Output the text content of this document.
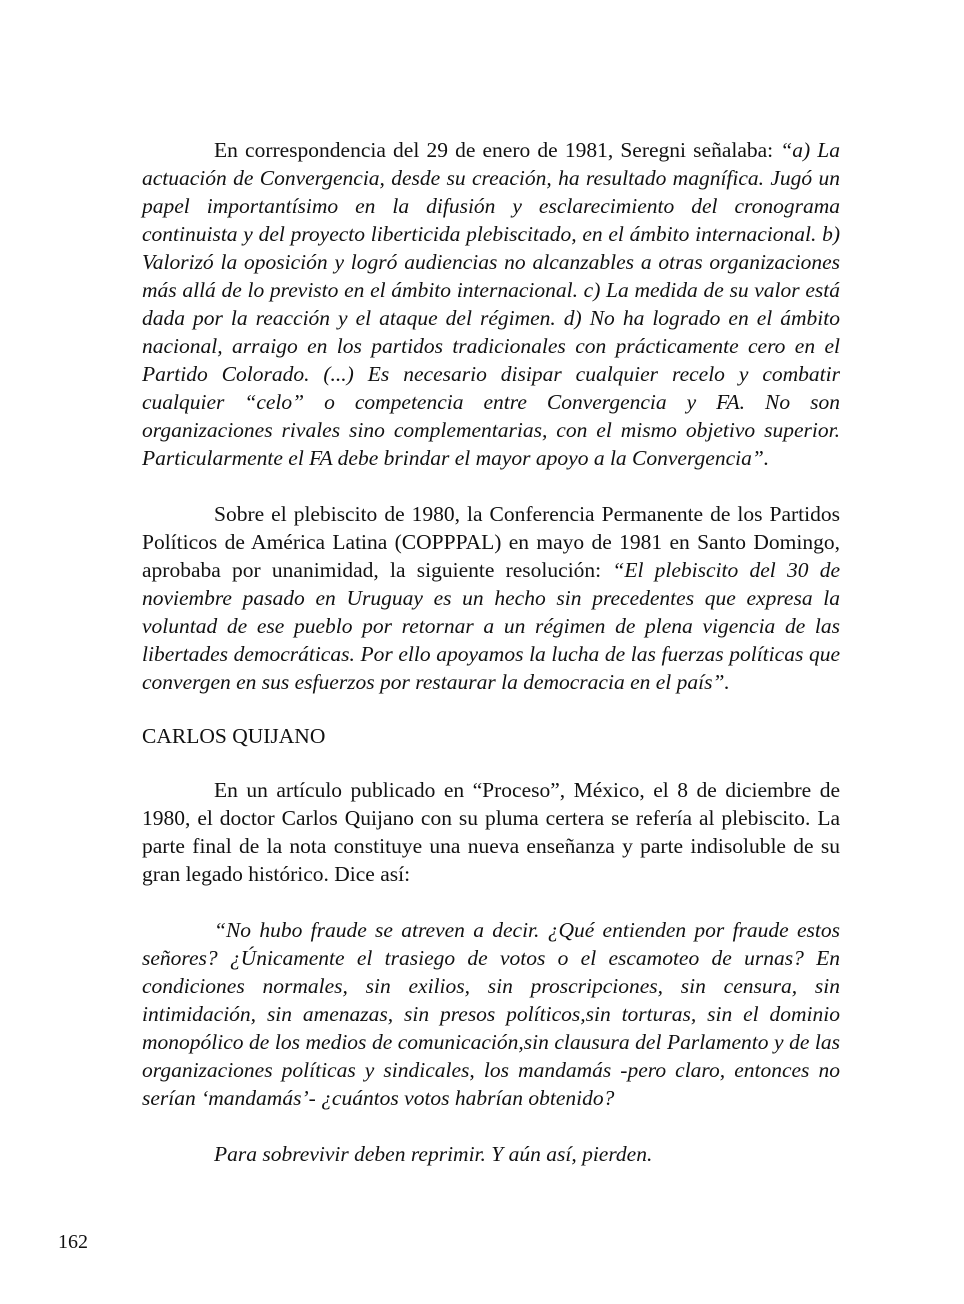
En correspondencia del 29 de enero de 1981, Seregni señalaba: “a) La actuación de Convergencia, desde su creación, ha resultado magnífica. Jugó un papel importantísimo en la difusión y esclarecimiento del cronograma continuista y del proyecto liberticida plebiscitado, en el ámbito internacional. b) Valorizó la oposición y logró audiencias no alcanzables a otras organizaciones más allá de lo previsto en el ámbito internacional. c) La medida de su valor está dada por la reacción y el ataque del régimen. d) No ha logrado en el ámbito nacional, arraigo en los partidos tradicionales con prácticamente cero en el Partido Colorado. (...) Es necesario disipar cualquier recelo y combatir cualquier “celo” o competencia entre Convergencia y FA. No son organizaciones rivales sino complementarias, con el mismo objetivo superior. Particularmente el FA debe brindar el mayor apoyo a la Convergencia”.

Sobre el plebiscito de 1980, la Conferencia Permanente de los Partidos Políticos de América Latina (COPPPAL) en mayo de 1981 en Santo Domingo, aprobaba por unanimidad, la siguiente resolución: “El plebiscito del 30 de noviembre pasado en Uruguay es un hecho sin precedentes que expresa la voluntad de ese pueblo por retornar a un régimen de plena vigencia de las libertades democráticas. Por ello apoyamos la lucha de las fuerzas políticas que convergen en sus esfuerzos por restaurar la democracia en el país”.

CARLOS QUIJANO

En un artículo publicado en “Proceso”, México, el 8 de diciembre de 1980, el doctor Carlos Quijano con su pluma certera se refería al plebiscito. La parte final de la nota constituye una nueva enseñanza y parte indisoluble de su gran legado histórico. Dice así:

“No hubo fraude se atreven a decir. ¿Qué entienden por fraude estos señores? ¿Únicamente el trasiego de votos o el escamoteo de urnas? En condiciones normales, sin exilios, sin proscripciones, sin censura, sin intimidación, sin amenazas, sin presos políticos,sin torturas, sin el dominio monopólico de los medios de comunicación,sin clausura del Parlamento y de las organizaciones políticas y sindicales, los mandamás -pero claro, entonces no serían ‘mandamás’- ¿cuántos votos habrían obtenido?

Para sobrevivir deben reprimir. Y aún así, pierden.

162
